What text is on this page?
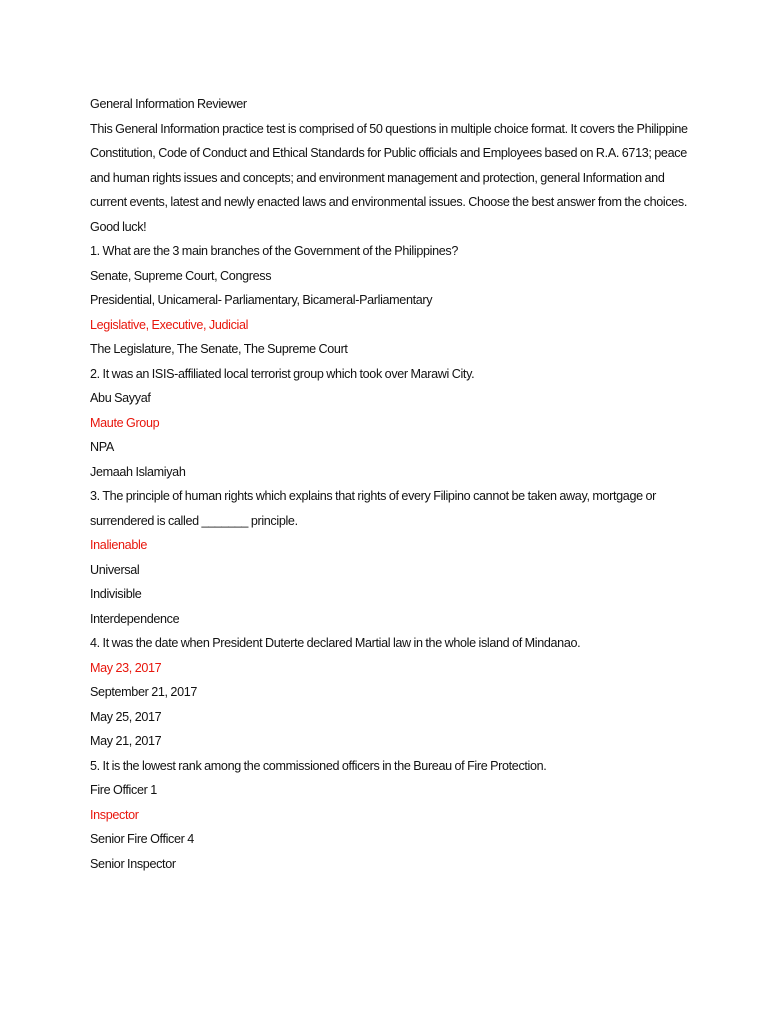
General Information Reviewer
This General Information practice test is comprised of 50 questions in multiple choice format. It covers the Philippine
Constitution, Code of Conduct and Ethical Standards for Public officials and Employees based on R.A. 6713; peace
and human rights issues and concepts; and environment management and protection, general Information and
current events, latest and newly enacted laws and environmental issues. Choose the best answer from the choices.
Good luck!
1. What are the 3 main branches of the Government of the Philippines?
Senate, Supreme Court, Congress
Presidential, Unicameral- Parliamentary, Bicameral-Parliamentary
Legislative, Executive, Judicial
The Legislature, The Senate, The Supreme Court
2. It was an ISIS-affiliated local terrorist group which took over Marawi City.
Abu Sayyaf
Maute Group
NPA
Jemaah Islamiyah
3. The principle of human rights which explains that rights of every Filipino cannot be taken away, mortgage or
surrendered is called _______ principle.
Inalienable
Universal
Indivisible
Interdependence
4. It was the date when President Duterte declared Martial law in the whole island of Mindanao.
May 23, 2017
September 21, 2017
May 25, 2017
May 21, 2017
5. It is the lowest rank among the commissioned officers in the Bureau of Fire Protection.
Fire Officer 1
Inspector
Senior Fire Officer 4
Senior Inspector
